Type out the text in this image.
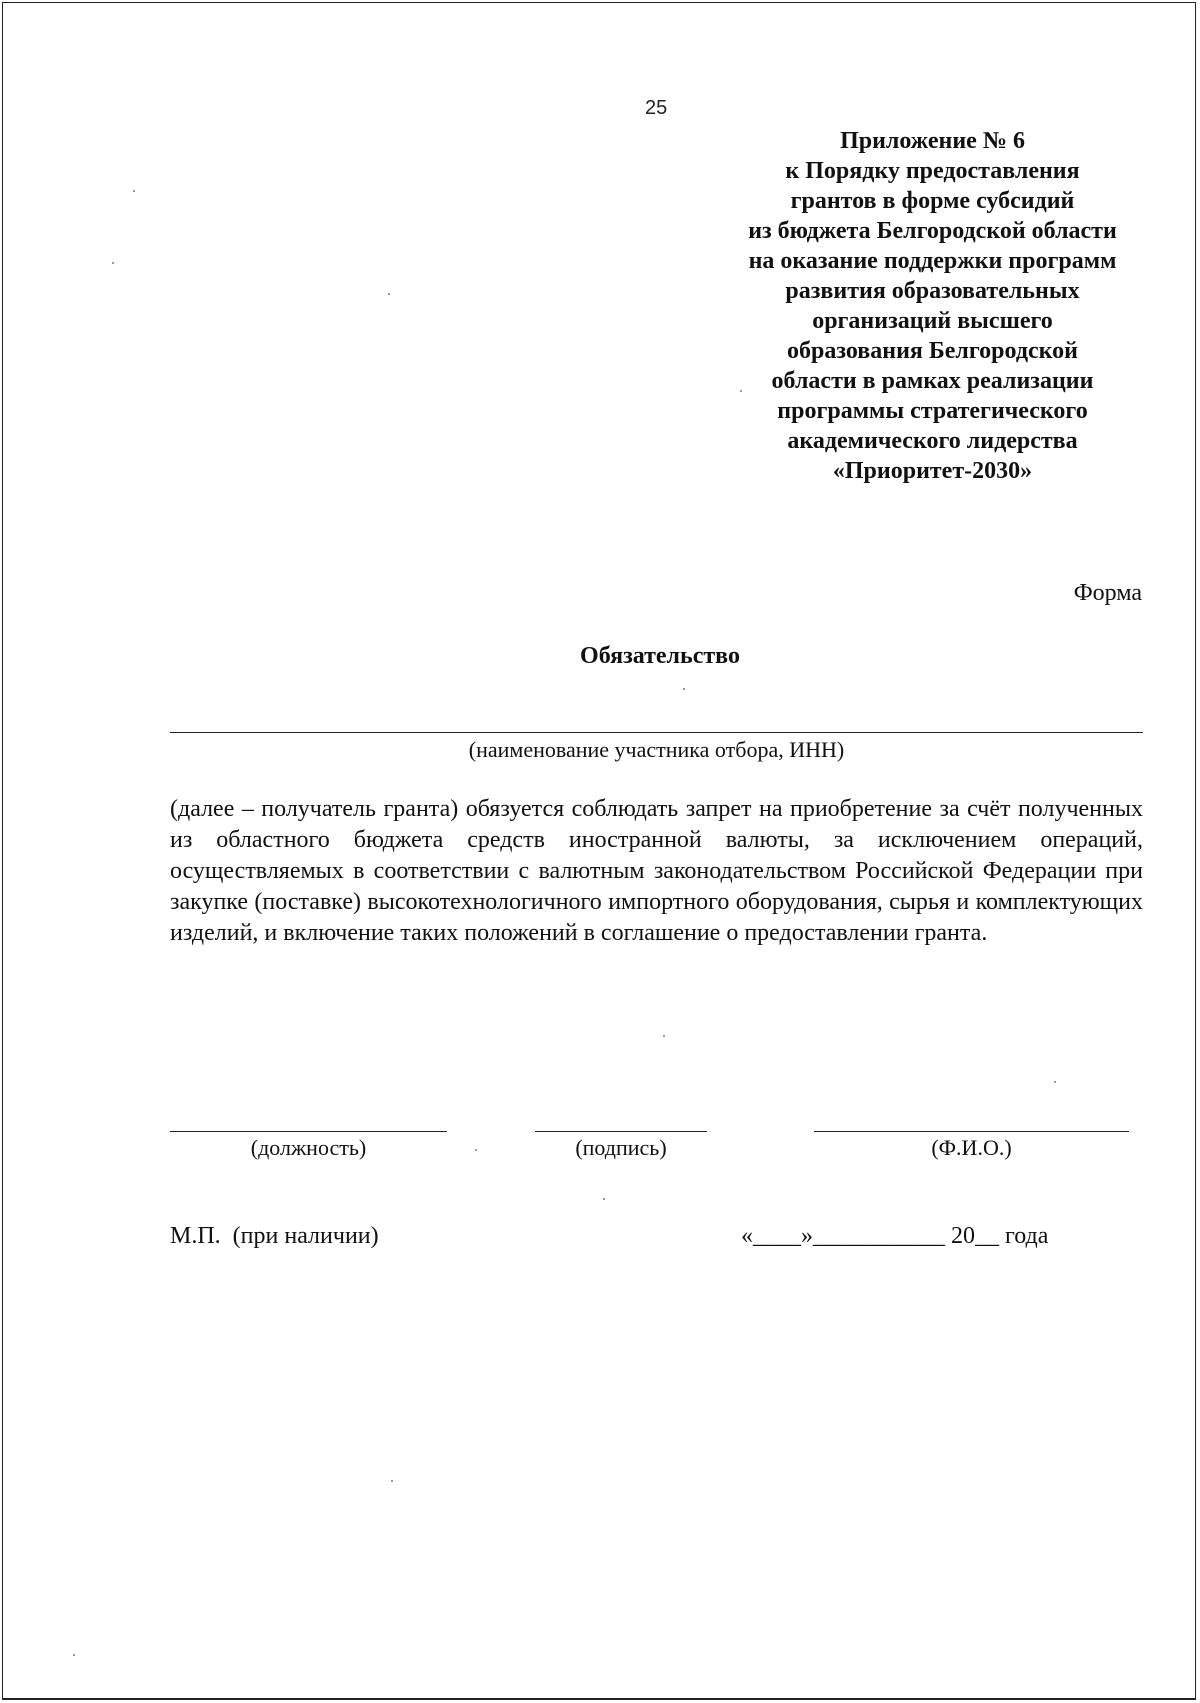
25
Приложение № 6
к Порядку предоставления
грантов в форме субсидий
из бюджета Белгородской области
на оказание поддержки программ
развития образовательных
организаций высшего
образования Белгородской
области в рамках реализации
программы стратегического
академического лидерства
«Приоритет-2030»
Форма
Обязательство
(наименование участника отбора, ИНН)
(далее – получатель гранта) обязуется соблюдать запрет на приобретение за счёт полученных из областного бюджета средств иностранной валюты, за исключением операций, осуществляемых в соответствии с валютным законодательством Российской Федерации при закупке (поставке) высокотехнологичного импортного оборудования, сырья и комплектующих изделий, и включение таких положений в соглашение о предоставлении гранта.
(должность)	(подпись)	(Ф.И.О.)
М.П.  (при наличии)	«____»___________ 20__ года
